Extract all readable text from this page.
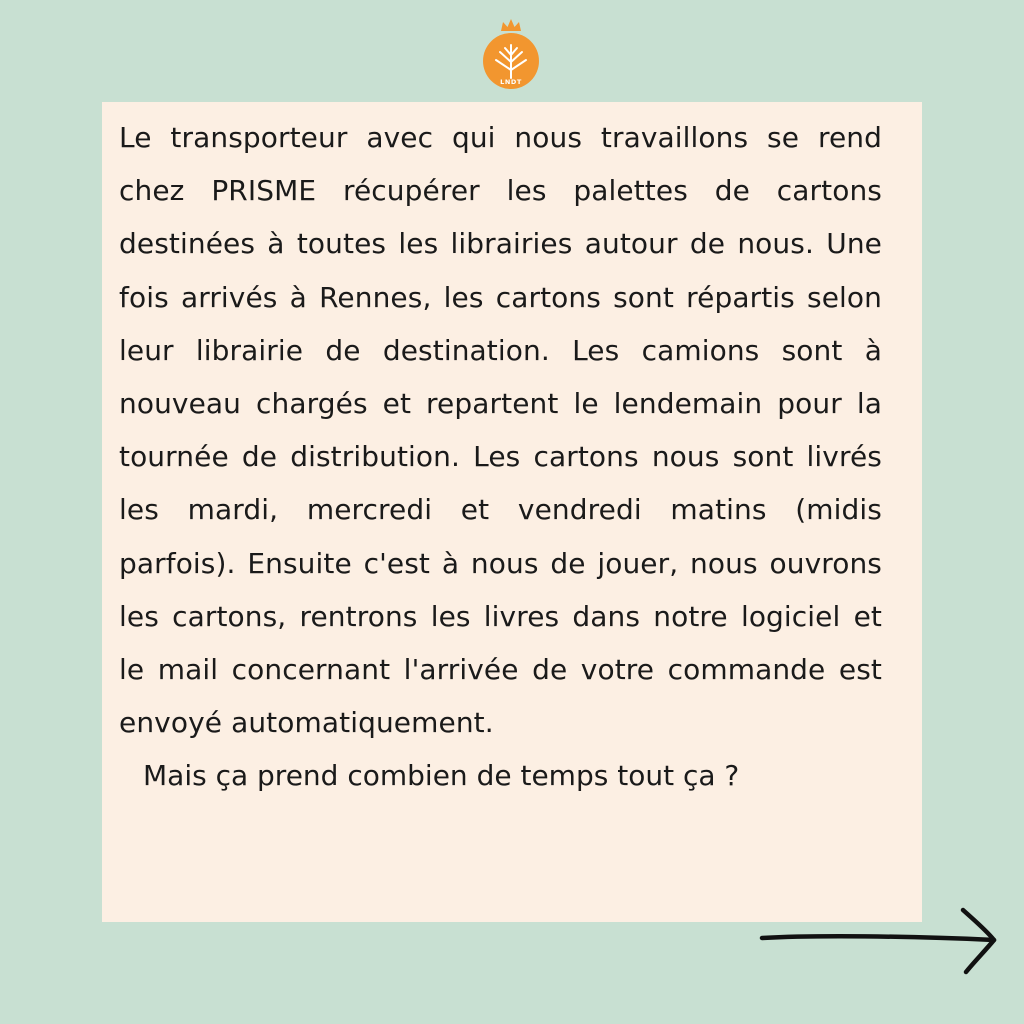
LNDT

Le transporteur avec qui nous travaillons se rend chez PRISME récupérer les palettes de cartons destinées à toutes les librairies autour de nous. Une fois arrivés à Rennes, les cartons sont répartis selon leur librairie de destination. Les camions sont à nouveau chargés et repartent le lendemain pour la tournée de distribution. Les cartons nous sont livrés les mardi, mercredi et vendredi matins (midis parfois). Ensuite c'est à nous de jouer, nous ouvrons les cartons, rentrons les livres dans notre logiciel et le mail concernant l'arrivée de votre commande est envoyé automatiquement.

Mais ça prend combien de temps tout ça ?
